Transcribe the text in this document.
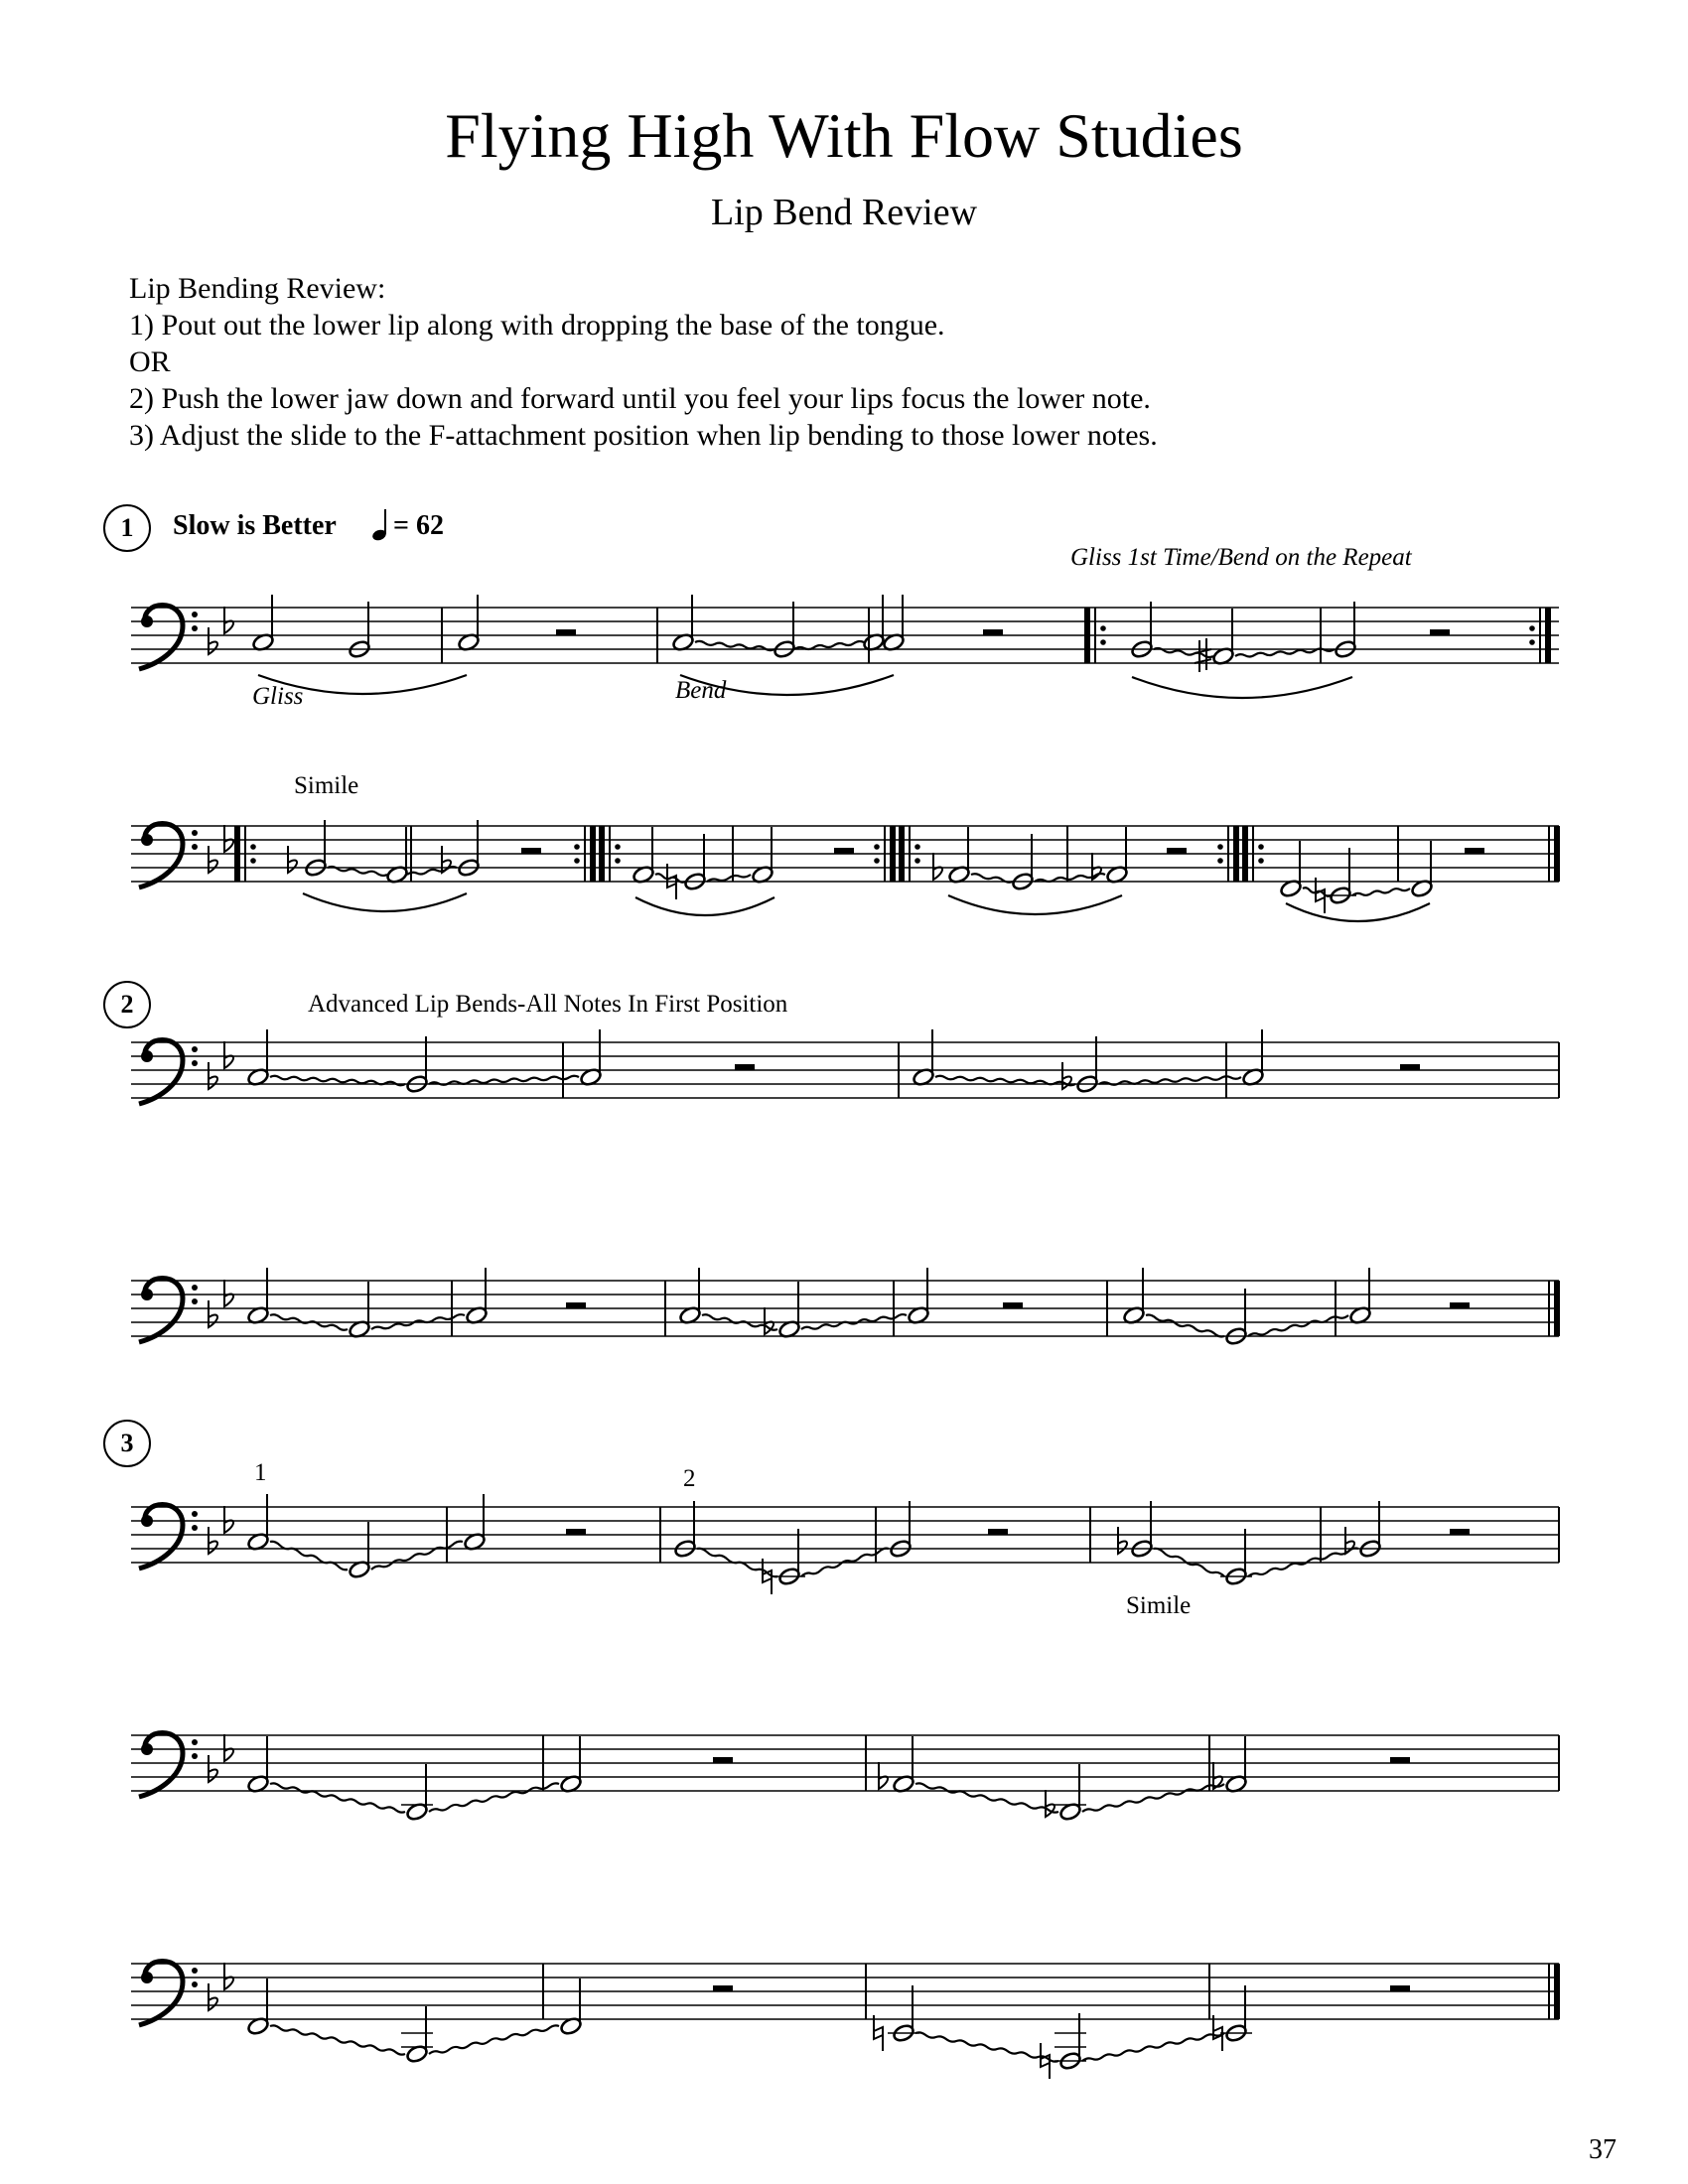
Flying High With Flow Studies
Lip Bend Review
Lip Bending Review:
1) Pout out the lower lip along with dropping the base of the tongue.
OR
2) Push the lower jaw down and forward until you feel your lips focus the lower note.
3) Adjust the slide to the F-attachment position when lip bending to those lower notes.
1	Slow is Better = 62
Gliss 1st Time/Bend on the Repeat
Gliss	Bend
Simile
2	Advanced Lip Bends-All Notes In First Position
3
1	2
Simile
37
